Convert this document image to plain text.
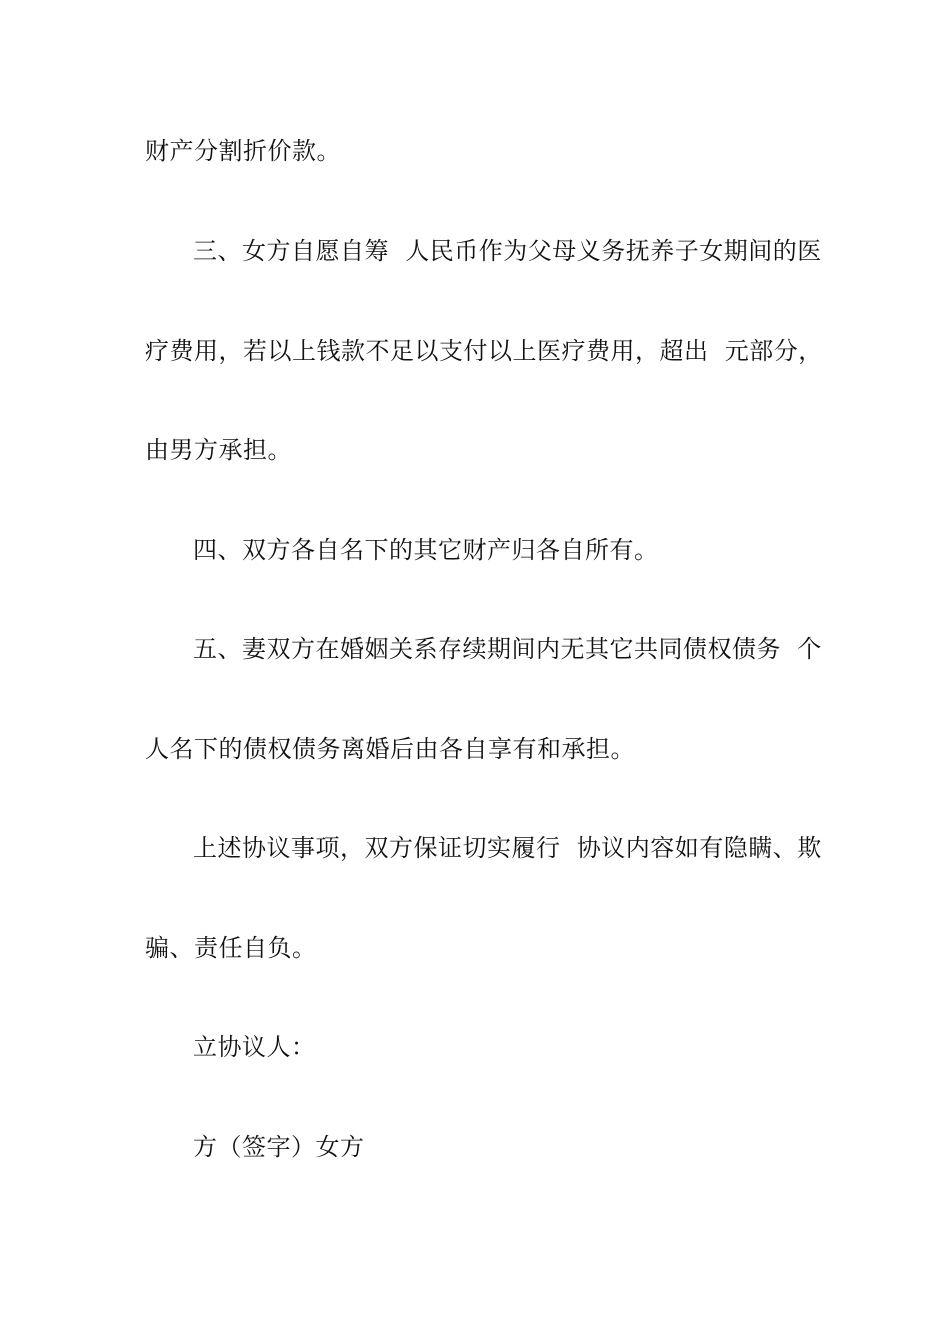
财产分割折价款。
三、女方自愿自筹  人民币作为父母义务抚养子女期间的医
疗费用，若以上钱款不足以支付以上医疗费用，超出  元部分，
由男方承担。
四、双方各自名下的其它财产归各自所有。
五、妻双方在婚姻关系存续期间内无其它共同债权债务  个
人名下的债权债务离婚后由各自享有和承担。
上述协议事项，双方保证切实履行  协议内容如有隐瞒、欺
骗、责任自负。
立协议人：
方（签字）女方
